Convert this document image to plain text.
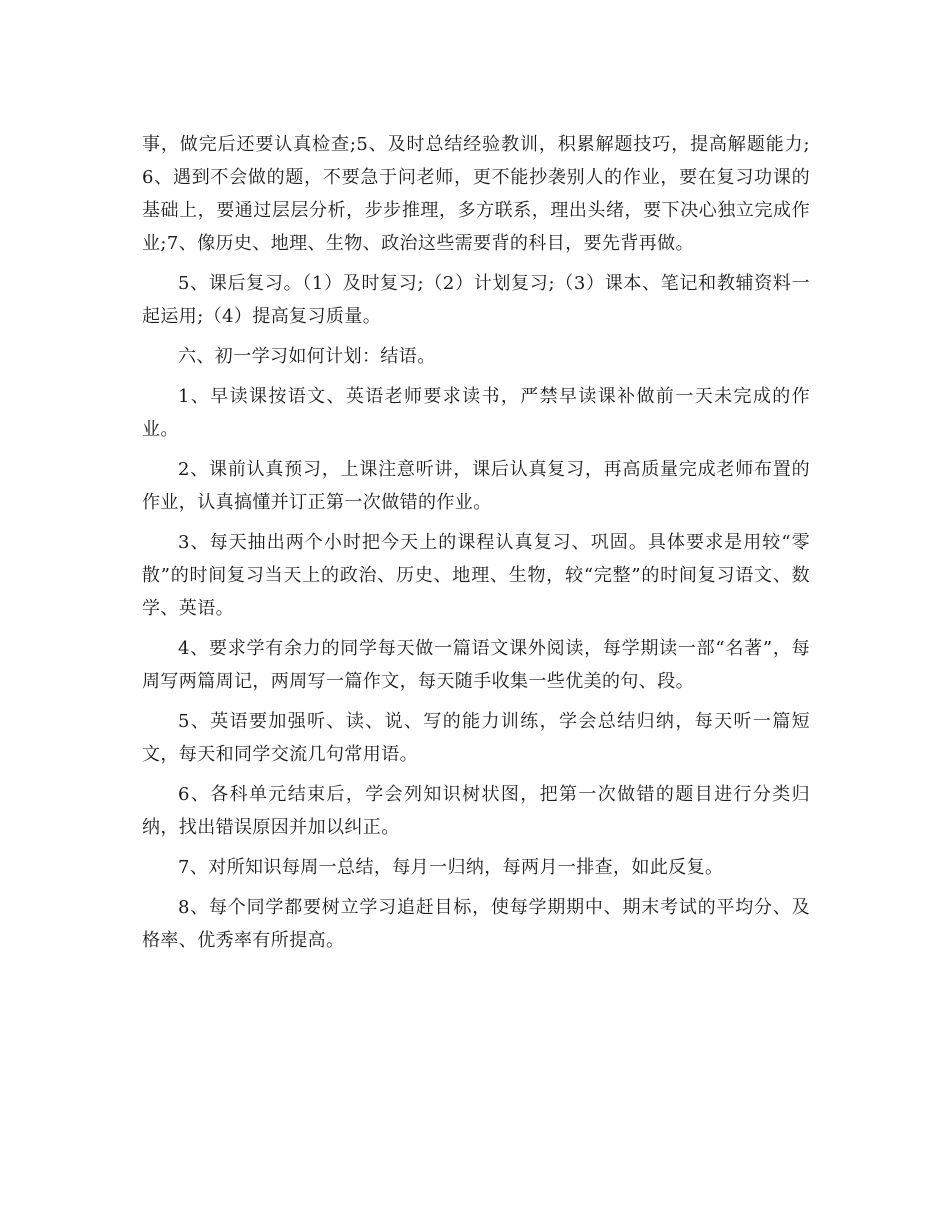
事，做完后还要认真检查;5、及时总结经验教训，积累解题技巧，提高解题能力;6、遇到不会做的题，不要急于问老师，更不能抄袭别人的作业，要在复习功课的基础上，要通过层层分析，步步推理，多方联系，理出头绪，要下决心独立完成作业;7、像历史、地理、生物、政治这些需要背的科目，要先背再做。

5、课后复习。（1）及时复习;（2）计划复习;（3）课本、笔记和教辅资料一起运用;（4）提高复习质量。

六、初一学习如何计划：结语。

1、早读课按语文、英语老师要求读书，严禁早读课补做前一天未完成的作业。

2、课前认真预习，上课注意听讲，课后认真复习，再高质量完成老师布置的作业，认真搞懂并订正第一次做错的作业。

3、每天抽出两个小时把今天上的课程认真复习、巩固。具体要求是用较“零散”的时间复习当天上的政治、历史、地理、生物，较“完整”的时间复习语文、数学、英语。

4、要求学有余力的同学每天做一篇语文课外阅读，每学期读一部“名著”，每周写两篇周记，两周写一篇作文，每天随手收集一些优美的句、段。

5、英语要加强听、读、说、写的能力训练，学会总结归纳，每天听一篇短文，每天和同学交流几句常用语。

6、各科单元结束后，学会列知识树状图，把第一次做错的题目进行分类归纳，找出错误原因并加以纠正。

7、对所知识每周一总结，每月一归纳，每两月一排查，如此反复。

8、每个同学都要树立学习追赶目标，使每学期期中、期末考试的平均分、及格率、优秀率有所提高。
